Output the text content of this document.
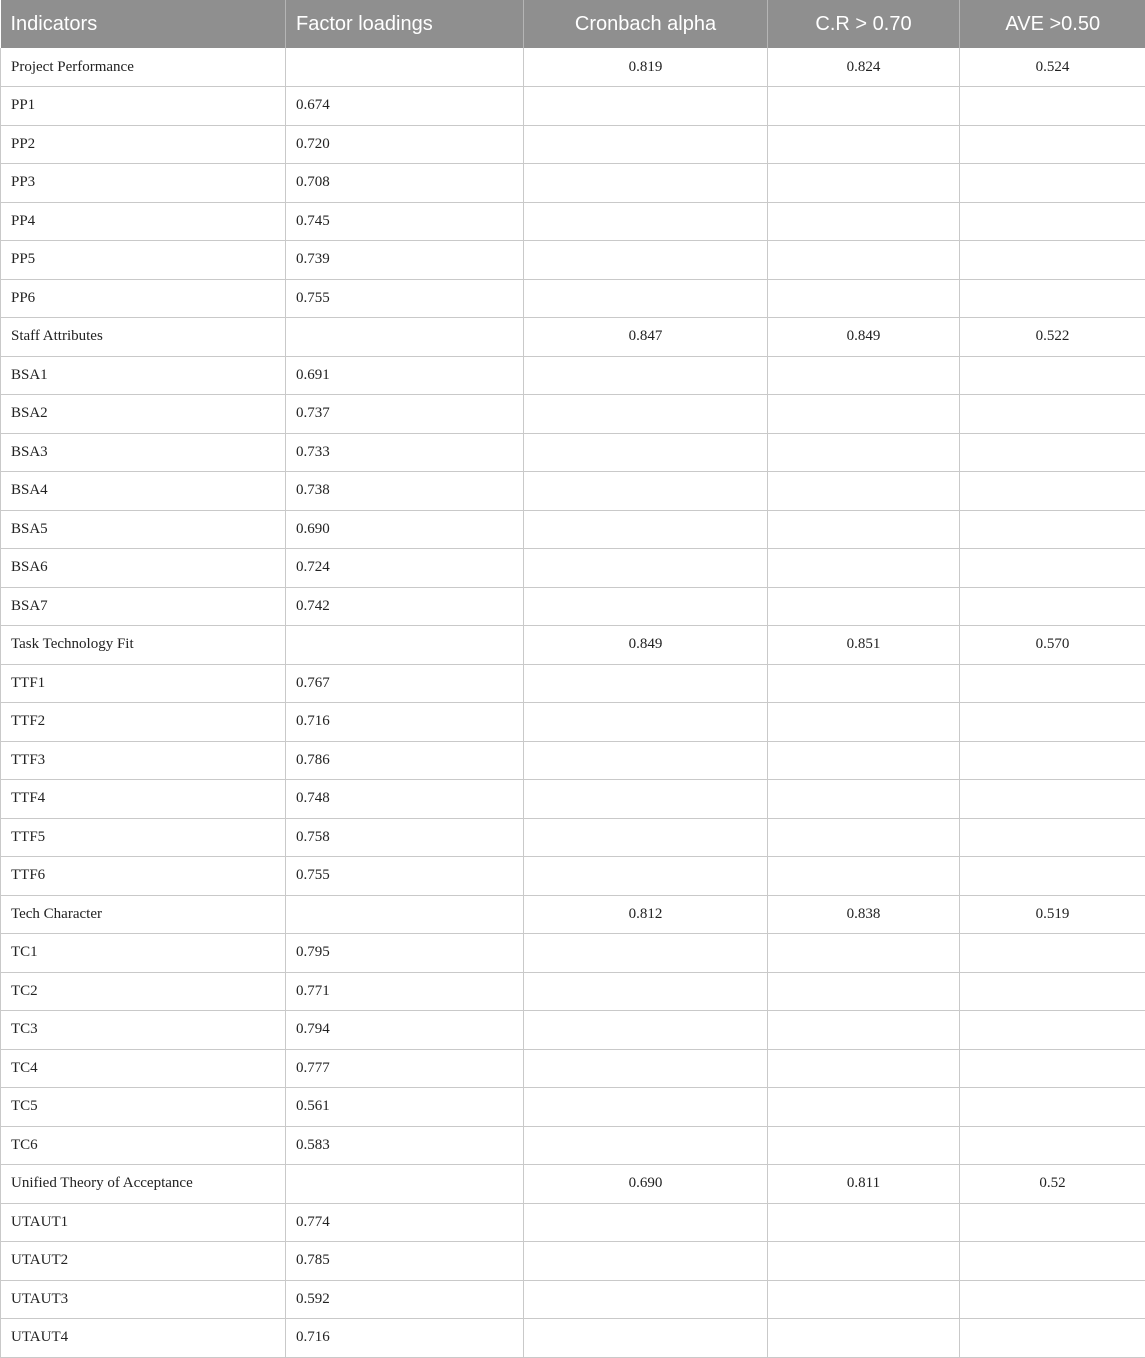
Indicators	Factor loadings	Cronbach alpha	C.R > 0.70	AVE >0.50
Project Performance		0.819	0.824	0.524
PP1	0.674			
PP2	0.720			
PP3	0.708			
PP4	0.745			
PP5	0.739			
PP6	0.755			
Staff Attributes		0.847	0.849	0.522
BSA1	0.691			
BSA2	0.737			
BSA3	0.733			
BSA4	0.738			
BSA5	0.690			
BSA6	0.724			
BSA7	0.742			
Task Technology Fit		0.849	0.851	0.570
TTF1	0.767			
TTF2	0.716			
TTF3	0.786			
TTF4	0.748			
TTF5	0.758			
TTF6	0.755			
Tech Character		0.812	0.838	0.519
TC1	0.795			
TC2	0.771			
TC3	0.794			
TC4	0.777			
TC5	0.561			
TC6	0.583			
Unified Theory of Acceptance		0.690	0.811	0.52
UTAUT1	0.774			
UTAUT2	0.785			
UTAUT3	0.592			
UTAUT4	0.716			
